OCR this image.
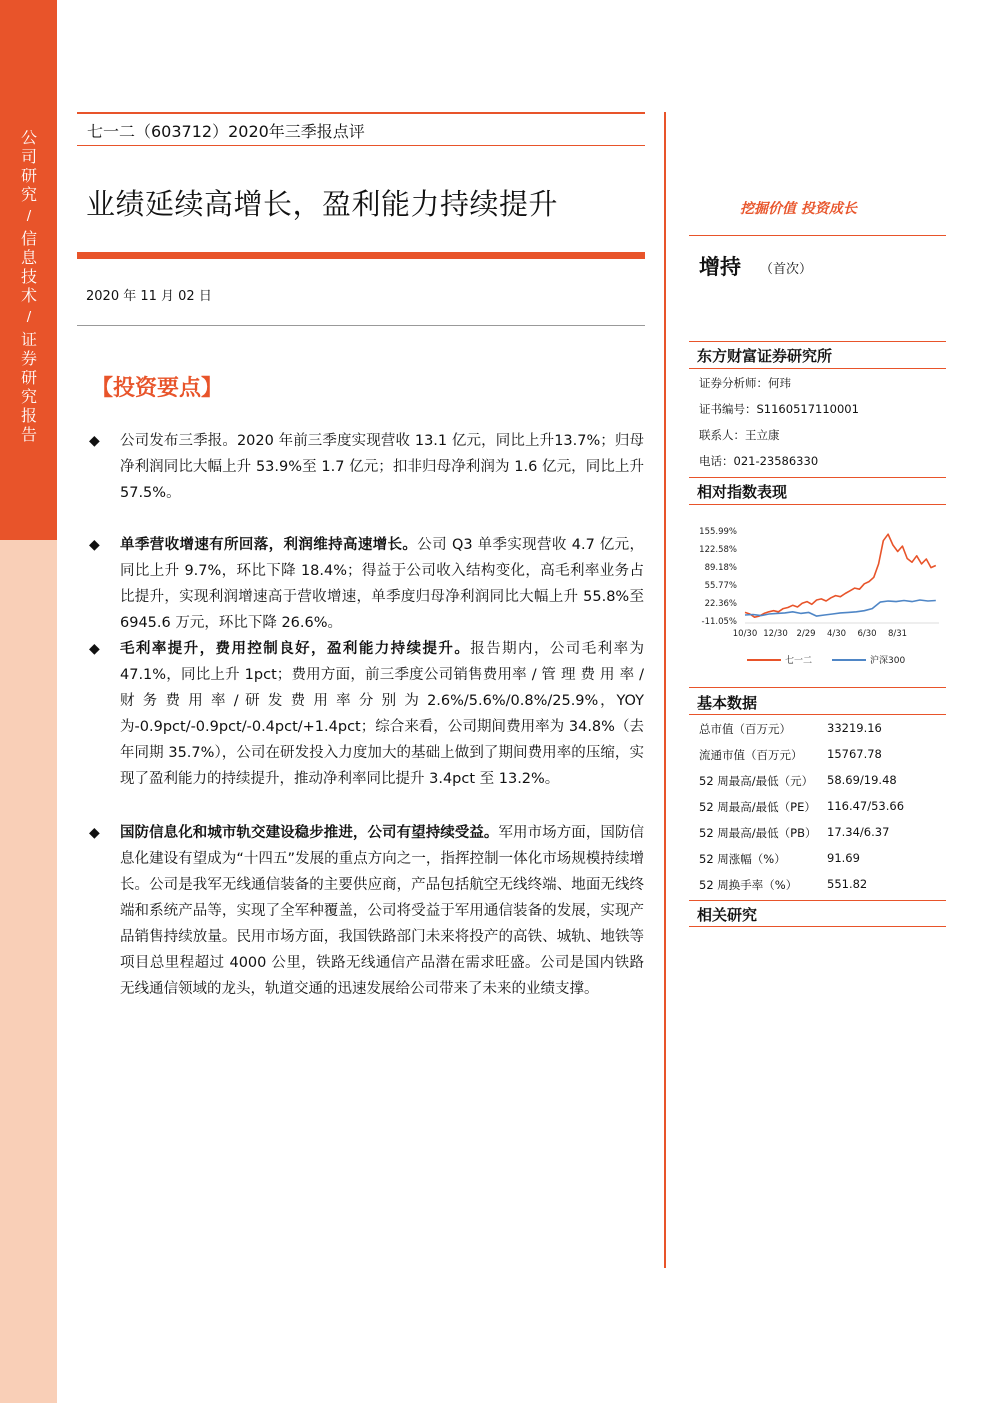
公
司
研
究
/
信
息
技
术
/
证
券
研
究
报
告
七一二（603712）2020年三季报点评
业绩延续高增长，盈利能力持续提升
2020 年 11 月 02 日
【投资要点】
◆	公司发布三季报。2020 年前三季度实现营收 13.1 亿元，同比上升13.7%；归母净利润同比大幅上升 53.9%至 1.7 亿元；扣非归母净利润为 1.6 亿元，同比上升 57.5%。
◆	单季营收增速有所回落，利润维持高速增长。公司 Q3 单季实现营收 4.7 亿元，同比上升 9.7%，环比下降 18.4%；得益于公司收入结构变化，高毛利率业务占比提升，实现利润增速高于营收增速，单季度归母净利润同比大幅上升 55.8%至 6945.6 万元，环比下降 26.6%。
◆	毛利率提升，费用控制良好，盈利能力持续提升。报告期内，公司毛利率为 47.1%，同比上升 1pct；费用方面，前三季度公司销售费用率 / 管 理 费 用 率 / 财 务 费 用 率 / 研 发 费 用 率 分 别 为 2.6%/5.6%/0.8%/25.9%，YOY 为-0.9pct/-0.9pct/-0.4pct/+1.4pct；综合来看，公司期间费用率为 34.8%（去年同期 35.7%），公司在研发投入力度加大的基础上做到了期间费用率的压缩，实现了盈利能力的持续提升，推动净利率同比提升 3.4pct 至 13.2%。
◆	国防信息化和城市轨交建设稳步推进，公司有望持续受益。军用市场方面，国防信息化建设有望成为“十四五”发展的重点方向之一，指挥控制一体化市场规模持续增长。公司是我军无线通信装备的主要供应商，产品包括航空无线终端、地面无线终端和系统产品等，实现了全军种覆盖，公司将受益于军用通信装备的发展，实现产品销售持续放量。民用市场方面，我国铁路部门未来将投产的高铁、城轨、地铁等项目总里程超过 4000 公里，铁路无线通信产品潜在需求旺盛。公司是国内铁路无线通信领域的龙头，轨道交通的迅速发展给公司带来了未来的业绩支撑。
挖掘价值 投资成长
增持 （首次）
东方财富证券研究所
证券分析师：何玮
证书编号：S1160517110001
联系人：王立康
电话：021-23586330
相对指数表现
155.99%
122.58%
89.18%
55.77%
22.36%
-11.05%
10/30 12/30 2/29 4/30 6/30 8/31
七一二	沪深300
基本数据
总市值（百万元）	33219.16
流通市值（百万元） 15767.78
52 周最高/最低（元） 58.69/19.48
52 周最高/最低（PE） 116.47/53.66
52 周最高/最低（PB） 17.34/6.37
52 周涨幅（%）	91.69
52 周换手率（%）	551.82
相关研究
